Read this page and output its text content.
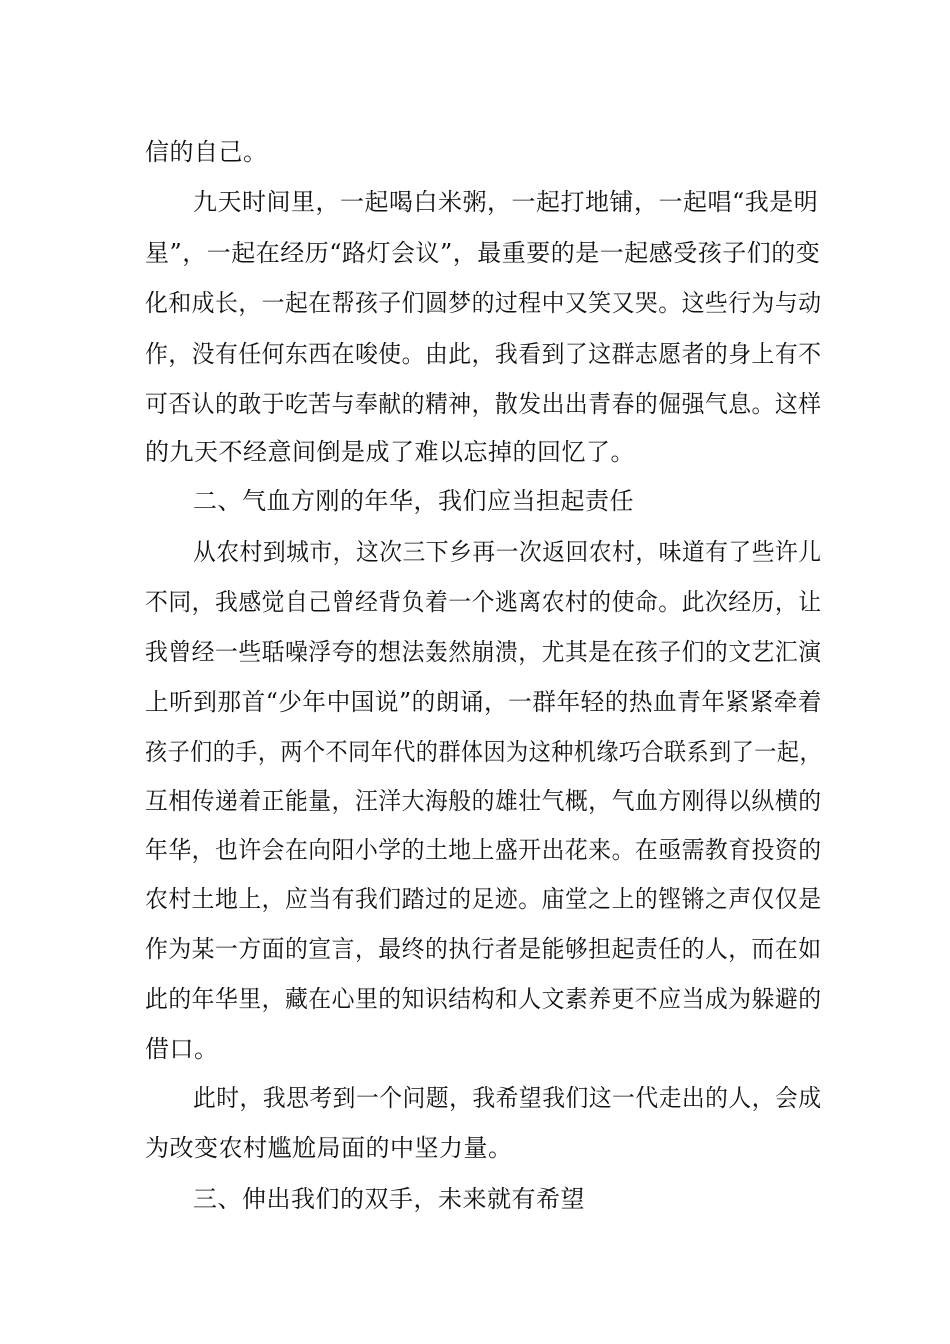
信的自己。
九天时间里，一起喝白米粥，一起打地铺，一起唱“我是明
星”，一起在经历“路灯会议”，最重要的是一起感受孩子们的变
化和成长，一起在帮孩子们圆梦的过程中又笑又哭。这些行为与动
作，没有任何东西在唆使。由此，我看到了这群志愿者的身上有不
可否认的敢于吃苦与奉献的精神，散发出出青春的倔强气息。这样
的九天不经意间倒是成了难以忘掉的回忆了。
二、气血方刚的年华，我们应当担起责任
从农村到城市，这次三下乡再一次返回农村，味道有了些许儿
不同，我感觉自己曾经背负着一个逃离农村的使命。此次经历，让
我曾经一些聒噪浮夸的想法轰然崩溃，尤其是在孩子们的文艺汇演
上听到那首“少年中国说”的朗诵，一群年轻的热血青年紧紧牵着
孩子们的手，两个不同年代的群体因为这种机缘巧合联系到了一起，
互相传递着正能量，汪洋大海般的雄壮气概，气血方刚得以纵横的
年华，也许会在向阳小学的土地上盛开出花来。在亟需教育投资的
农村土地上，应当有我们踏过的足迹。庙堂之上的铿锵之声仅仅是
作为某一方面的宣言，最终的执行者是能够担起责任的人，而在如
此的年华里，藏在心里的知识结构和人文素养更不应当成为躲避的
借口。
此时，我思考到一个问题，我希望我们这一代走出的人，会成
为改变农村尴尬局面的中坚力量。
三、伸出我们的双手，未来就有希望
